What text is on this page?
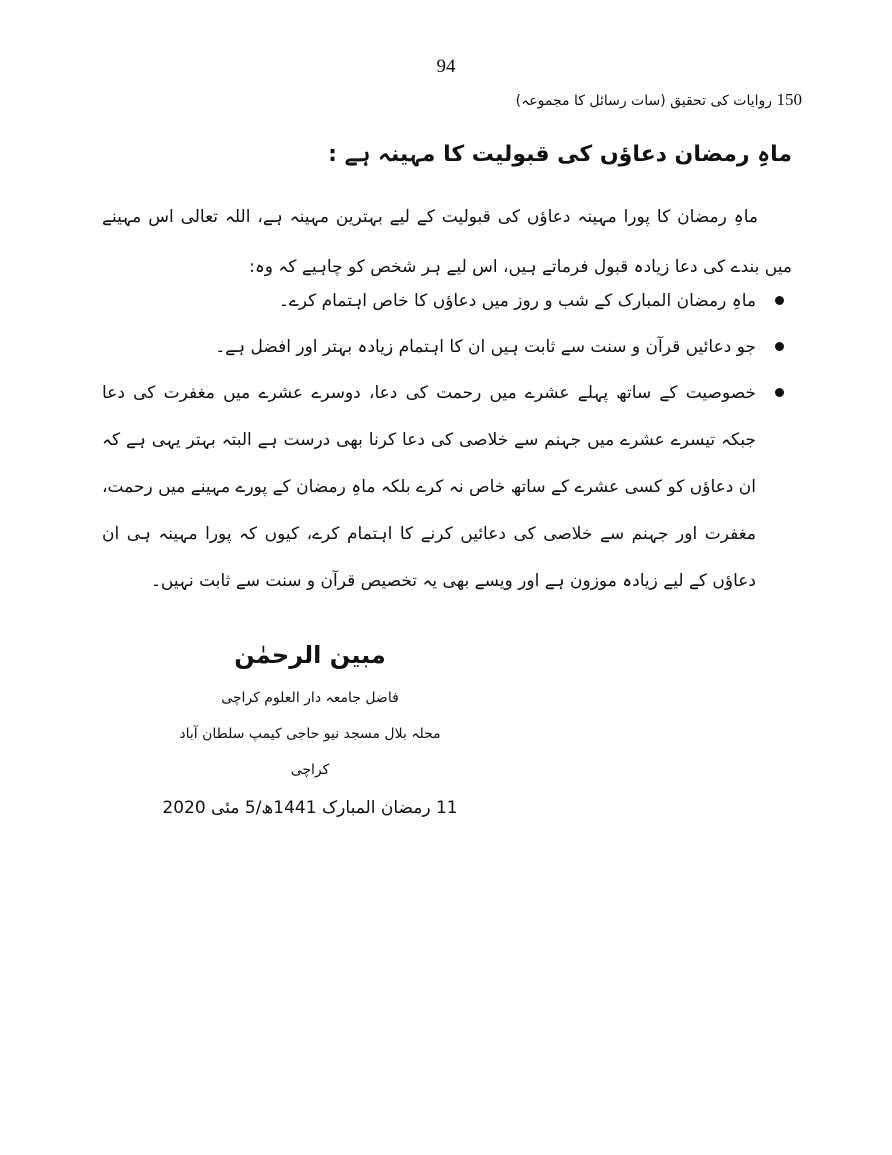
94
150 روایات کی تحقیق (سات رسائل کا مجموعہ)
ماہِ رمضان دعاؤں کی قبولیت کا مہینہ ہے :

ماہِ رمضان کا پورا مہینہ دعاؤں کی قبولیت کے لیے بہترین مہینہ ہے، اللہ تعالی اس مہینے میں بندے کی دعا زیادہ قبول فرماتے ہیں، اس لیے ہر شخص کو چاہیے کہ وہ:

ماہِ رمضان المبارک کے شب و روز میں دعاؤں کا خاص اہتمام کرے۔
جو دعائیں قرآن و سنت سے ثابت ہیں ان کا اہتمام زیادہ بہتر اور افضل ہے۔
خصوصیت کے ساتھ پہلے عشرے میں رحمت کی دعا، دوسرے عشرے میں مغفرت کی دعا جبکہ تیسرے عشرے میں جہنم سے خلاصی کی دعا کرنا بھی درست ہے البتہ بہتر یہی ہے کہ ان دعاؤں کو کسی عشرے کے ساتھ خاص نہ کرے بلکہ ماہِ رمضان کے پورے مہینے میں رحمت، مغفرت اور جہنم سے خلاصی کی دعائیں کرنے کا اہتمام کرے، کیوں کہ پورا مہینہ ہی ان دعاؤں کے لیے زیادہ موزون ہے اور ویسے بھی یہ تخصیص قرآن و سنت سے ثابت نہیں۔
مبین الرحمٰن
فاضل جامعہ دار العلوم کراچی
محلہ بلال مسجد نیو حاجی کیمپ سلطان آباد کراچی
11 رمضان المبارک 1441ھ/5 مئی 2020
